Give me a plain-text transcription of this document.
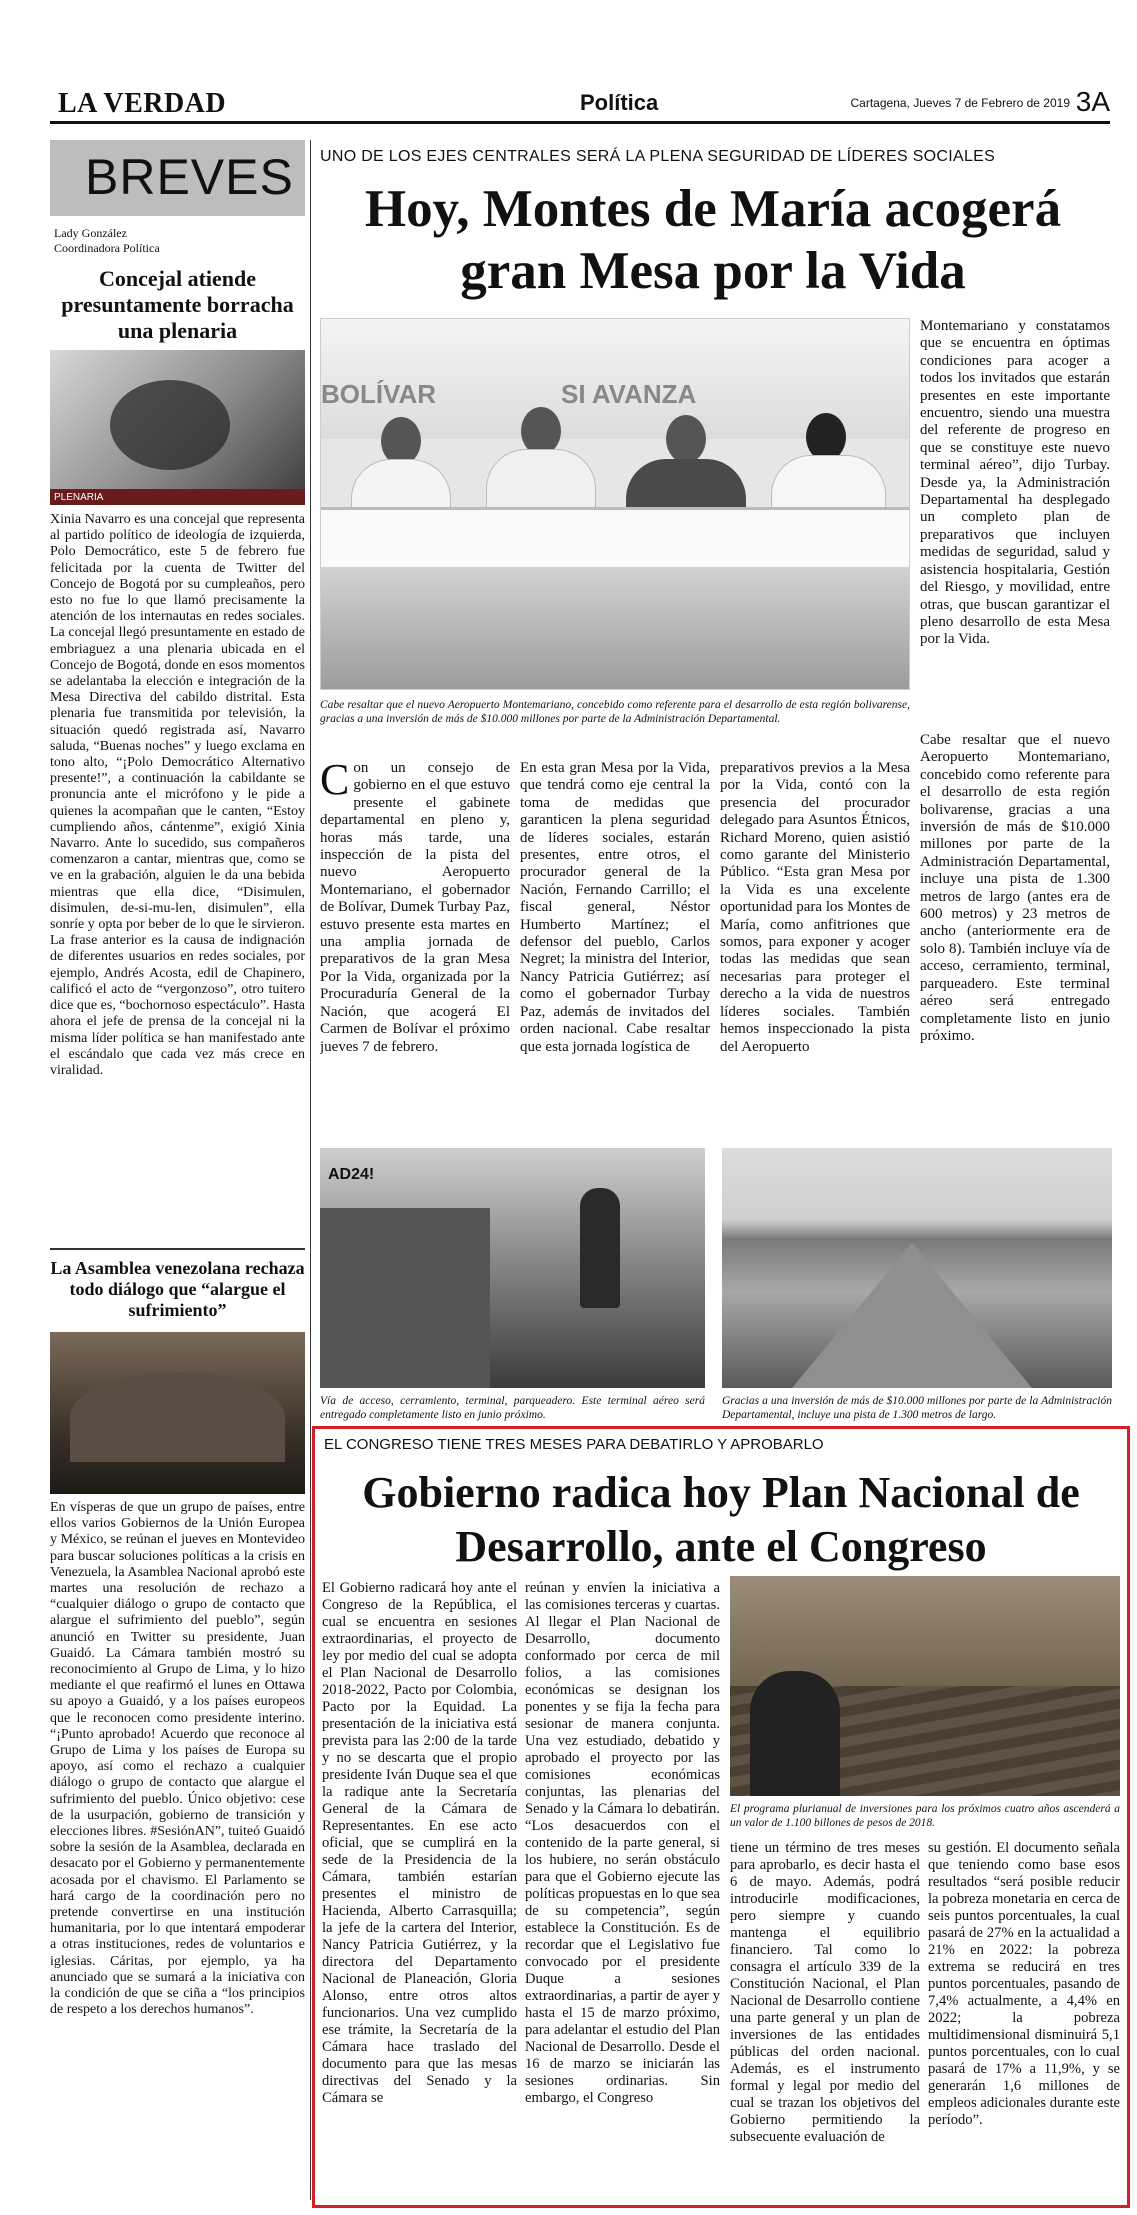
LA VERDAD	Política	Cartagena, Jueves 7 de Febrero de 2019 3A
BREVES
Lady González
Coordinadora Política
Concejal atiende presuntamente borracha una plenaria
PLENARIA
Xinia Navarro es una concejal que representa al partido político de ideología de izquierda, Polo Democrático, este 5 de febrero fue felicitada por la cuenta de Twitter del Concejo de Bogotá por su cumpleaños, pero esto no fue lo que llamó precisamente la atención de los internautas en redes sociales. La concejal llegó presuntamente en estado de embriaguez a una plenaria ubicada en el Concejo de Bogotá, donde en esos momentos se adelantaba la elección e integración de la Mesa Directiva del cabildo distrital. Esta plenaria fue transmitida por televisión, la situación quedó registrada así, Navarro saluda, “Buenas noches” y luego exclama en tono alto, “¡Polo Democrático Alternativo presente!”, a continuación la cabildante se pronuncia ante el micrófono y le pide a quienes la acompañan que le canten, “Estoy cumpliendo años, cántenme”, exigió Xinia Navarro. Ante lo sucedido, sus compañeros comenzaron a cantar, mientras que, como se ve en la grabación, alguien le da una bebida mientras que ella dice, “Disimulen, disimulen, de-si-mu-len, disimulen”, ella sonríe y opta por beber de lo que le sirvieron. La frase anterior es la causa de indignación de diferentes usuarios en redes sociales, por ejemplo, Andrés Acosta, edil de Chapinero, calificó el acto de “vergonzoso”, otro tuitero dice que es, “bochornoso espectáculo”. Hasta ahora el jefe de prensa de la concejal ni la misma líder política se han manifestado ante el escándalo que cada vez más crece en viralidad.
La Asamblea venezolana rechaza todo diálogo que “alargue el sufrimiento”
En vísperas de que un grupo de países, entre ellos varios Gobiernos de la Unión Europea y México, se reúnan el jueves en Montevideo para buscar soluciones políticas a la crisis en Venezuela, la Asamblea Nacional aprobó este martes una resolución de rechazo a “cualquier diálogo o grupo de contacto que alargue el sufrimiento del pueblo”, según anunció en Twitter su presidente, Juan Guaidó. La Cámara también mostró su reconocimiento al Grupo de Lima, y lo hizo mediante el que reafirmó el lunes en Ottawa su apoyo a Guaidó, y a los países europeos que le reconocen como presidente interino. “¡Punto aprobado! Acuerdo que reconoce al Grupo de Lima y los países de Europa su apoyo, así como el rechazo a cualquier diálogo o grupo de contacto que alargue el sufrimiento del pueblo. Único objetivo: cese de la usurpación, gobierno de transición y elecciones libres. #SesiónAN”, tuiteó Guaidó sobre la sesión de la Asamblea, declarada en desacato por el Gobierno y permanentemente acosada por el chavismo. El Parlamento se hará cargo de la coordinación pero no pretende convertirse en una institución humanitaria, por lo que intentará empoderar a otras instituciones, redes de voluntarios e iglesias. Cáritas, por ejemplo, ya ha anunciado que se sumará a la iniciativa con la condición de que se ciña a “los principios de respeto a los derechos humanos”.
UNO DE LOS EJES CENTRALES SERÁ LA PLENA SEGURIDAD DE LÍDERES SOCIALES
Hoy, Montes de María acogerá gran Mesa por la Vida
BOLÍVAR	SI AVANZA
Cabe resaltar que el nuevo Aeropuerto Montemariano, concebido como referente para el desarrollo de esta región bolivarense, gracias a una inversión de más de $10.000 millones por parte de la Administración Departamental.
Con un consejo de gobierno en el que estuvo presente el gabinete departamental en pleno y, horas más tarde, una inspección de la pista del nuevo Aeropuerto Montemariano, el gobernador de Bolívar, Dumek Turbay Paz, estuvo presente esta martes en una amplia jornada de preparativos de la gran Mesa Por la Vida, organizada por la Procuraduría General de la Nación, que acogerá El Carmen de Bolívar el próximo jueves 7 de febrero.
En esta gran Mesa por la Vida, que tendrá como eje central la toma de medidas que garanticen la plena seguridad de líderes sociales, estarán presentes, entre otros, el procurador general de la Nación, Fernando Carrillo; el fiscal general, Néstor Humberto Martínez; el defensor del pueblo, Carlos Negret; la ministra del Interior, Nancy Patricia Gutiérrez; así como el gobernador Turbay Paz, además de invitados del orden nacional. Cabe resaltar que esta jornada logística de
preparativos previos a la Mesa por la Vida, contó con la presencia del procurador delegado para Asuntos Étnicos, Richard Moreno, quien asistió como garante del Ministerio Público. “Esta gran Mesa por la Vida es una excelente oportunidad para los Montes de María, como anfitriones que somos, para exponer y acoger todas las medidas que sean necesarias para proteger el derecho a la vida de nuestros líderes sociales. También hemos inspeccionado la pista del Aeropuerto
Montemariano y constatamos que se encuentra en óptimas condiciones para acoger a todos los invitados que estarán presentes en este importante encuentro, siendo una muestra del referente de progreso en que se constituye este nuevo terminal aéreo”, dijo Turbay. Desde ya, la Administración Departamental ha desplegado un completo plan de preparativos que incluyen medidas de seguridad, salud y asistencia hospitalaria, Gestión del Riesgo, y movilidad, entre otras, que buscan garantizar el pleno desarrollo de esta Mesa por la Vida.
Cabe resaltar que el nuevo Aeropuerto Montemariano, concebido como referente para el desarrollo de esta región bolivarense, gracias a una inversión de más de $10.000 millones por parte de la Administración Departamental, incluye una pista de 1.300 metros de largo (antes era de 600 metros) y 23 metros de ancho (anteriormente era de solo 8). También incluye vía de acceso, cerramiento, terminal, parqueadero. Este terminal aéreo será entregado completamente listo en junio próximo.
AD24!
Vía de acceso, cerramiento, terminal, parqueadero. Este terminal aéreo será entregado completamente listo en junio próximo.
Gracias a una inversión de más de $10.000 millones por parte de la Administración Departamental, incluye una pista de 1.300 metros de largo.
EL CONGRESO TIENE TRES MESES PARA DEBATIRLO Y APROBARLO
Gobierno radica hoy Plan Nacional de Desarrollo, ante el Congreso
El Gobierno radicará hoy ante el Congreso de la República, el cual se encuentra en sesiones extraordinarias, el proyecto de ley por medio del cual se adopta el Plan Nacional de Desarrollo 2018-2022, Pacto por Colombia, Pacto por la Equidad. La presentación de la iniciativa está prevista para las 2:00 de la tarde y no se descarta que el propio presidente Iván Duque sea el que la radique ante la Secretaría General de la Cámara de Representantes. En ese acto oficial, que se cumplirá en la sede de la Presidencia de la Cámara, también estarían presentes el ministro de Hacienda, Alberto Carrasquilla; la jefe de la cartera del Interior, Nancy Patricia Gutiérrez, y la directora del Departamento Nacional de Planeación, Gloria Alonso, entre otros altos funcionarios. Una vez cumplido ese trámite, la Secretaría de la Cámara hace traslado del documento para que las mesas directivas del Senado y la Cámara se
reúnan y envíen la iniciativa a las comisiones terceras y cuartas. Al llegar el Plan Nacional de Desarrollo, documento conformado por cerca de mil folios, a las comisiones económicas se designan los ponentes y se fija la fecha para sesionar de manera conjunta. Una vez estudiado, debatido y aprobado el proyecto por las comisiones económicas conjuntas, las plenarias del Senado y la Cámara lo debatirán. “Los desacuerdos con el contenido de la parte general, si los hubiere, no serán obstáculo para que el Gobierno ejecute las políticas propuestas en lo que sea de su competencia”, según establece la Constitución. Es de recordar que el Legislativo fue convocado por el presidente Duque a sesiones extraordinarias, a partir de ayer y hasta el 15 de marzo próximo, para adelantar el estudio del Plan Nacional de Desarrollo. Desde el 16 de marzo se iniciarán las sesiones ordinarias. Sin embargo, el Congreso
El programa plurianual de inversiones para los próximos cuatro años ascenderá a un valor de 1.100 billones de pesos de 2018.
tiene un término de tres meses para aprobarlo, es decir hasta el 6 de mayo. Además, podrá introducirle modificaciones, pero siempre y cuando mantenga el equilibrio financiero. Tal como lo consagra el artículo 339 de la Constitución Nacional, el Plan Nacional de Desarrollo contiene una parte general y un plan de inversiones de las entidades públicas del orden nacional. Además, es el instrumento formal y legal por medio del cual se trazan los objetivos del Gobierno permitiendo la subsecuente evaluación de
su gestión. El documento señala que teniendo como base esos resultados “será posible reducir la pobreza monetaria en cerca de seis puntos porcentuales, la cual pasará de 27% en la actualidad a 21% en 2022: la pobreza extrema se reducirá en tres puntos porcentuales, pasando de 7,4% actualmente, a 4,4% en 2022; la pobreza multidimensional disminuirá 5,1 puntos porcentuales, con lo cual pasará de 17% a 11,9%, y se generarán 1,6 millones de empleos adicionales durante este período”.
